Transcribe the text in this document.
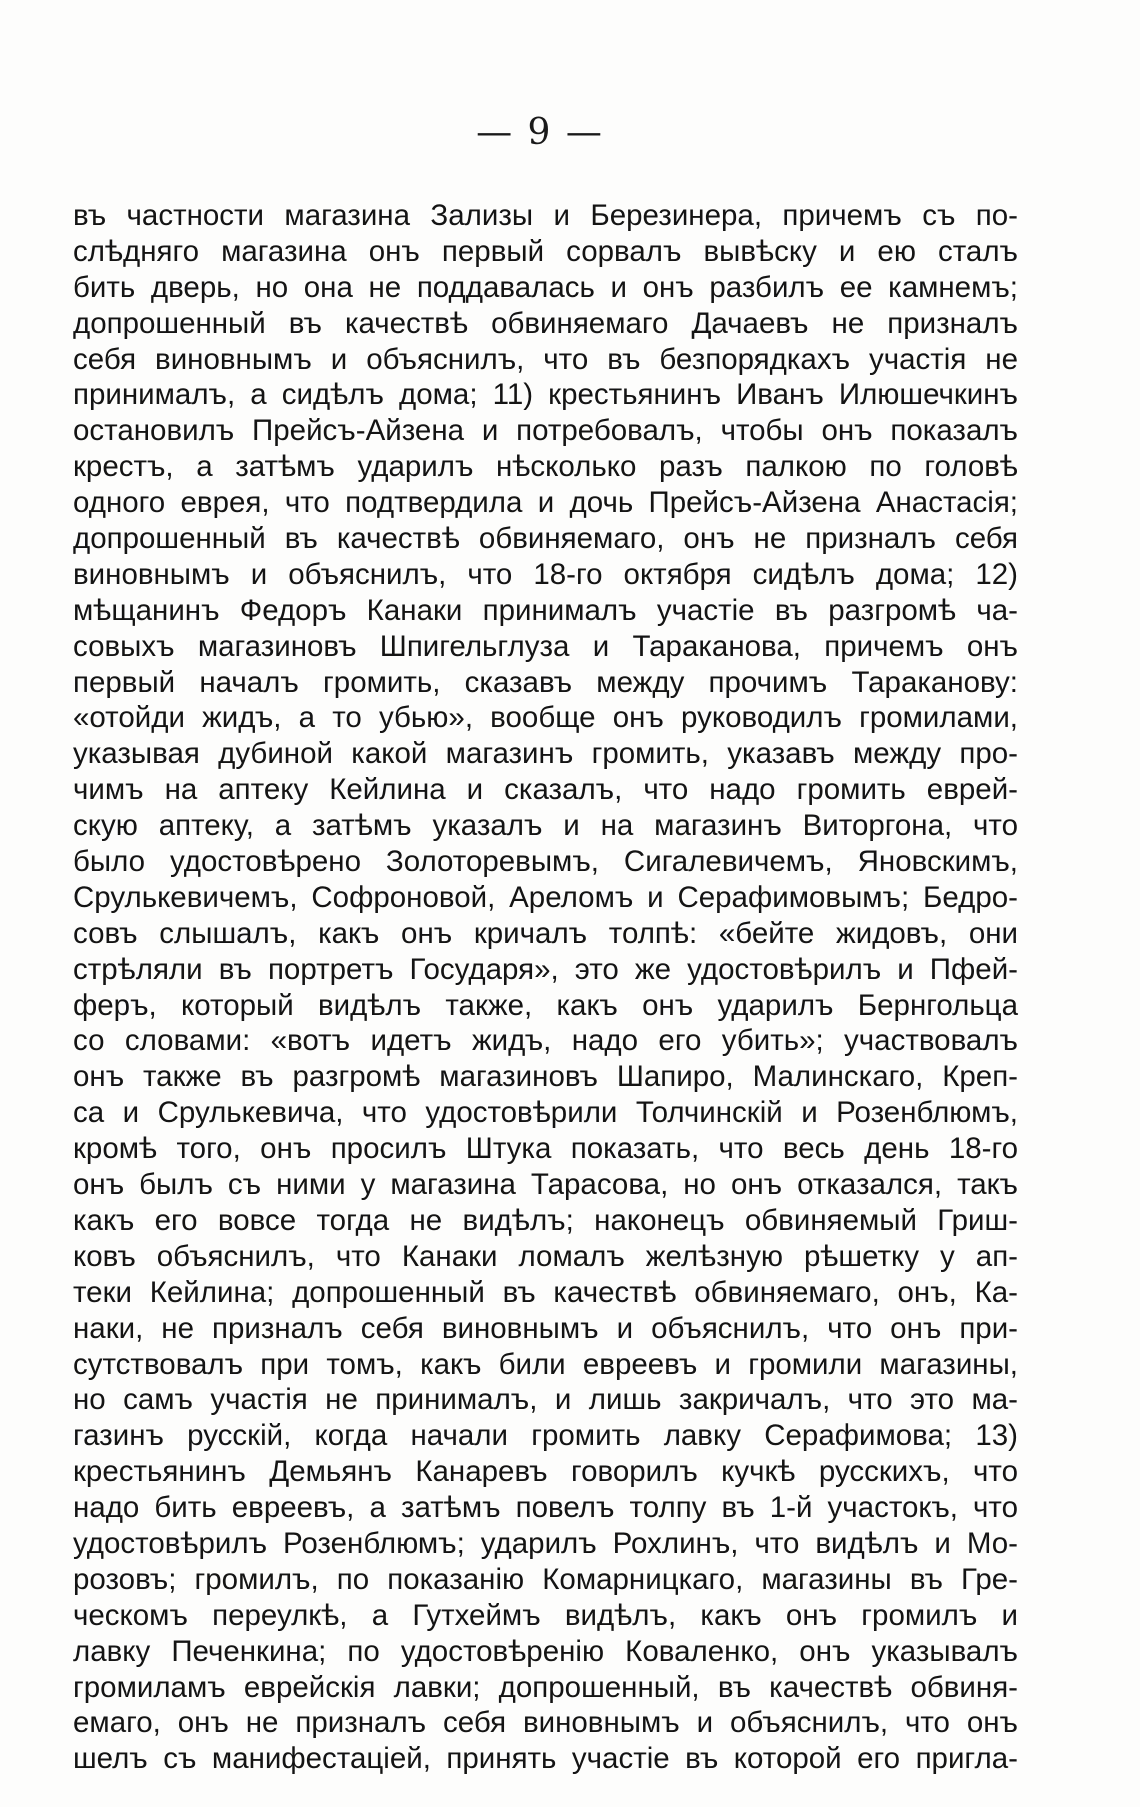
— 9 —
въ частности магазина Зализы и Березинера, причемъ съ по-
слѣдняго магазина онъ первый сорвалъ вывѣску и ею сталъ
бить дверь, но она не поддавалась и онъ разбилъ ее камнемъ;
допрошенный въ качествѣ обвиняемаго Дачаевъ не призналъ
себя виновнымъ и объяснилъ, что въ безпорядкахъ участія не
принималъ, а сидѣлъ дома; 11) крестьянинъ Иванъ Илюшечкинъ
остановилъ Прейсъ-Айзена и потребовалъ, чтобы онъ показалъ
крестъ, а затѣмъ ударилъ нѣсколько разъ палкою по головѣ
одного еврея, что подтвердила и дочь Прейсъ-Айзена Анастасія;
допрошенный въ качествѣ обвиняемаго, онъ не призналъ себя
виновнымъ и объяснилъ, что 18-го октября сидѣлъ дома; 12)
мѣщанинъ Федоръ Канаки принималъ участіе въ разгромѣ ча-
совыхъ магазиновъ Шпигельглуза и Тараканова, причемъ онъ
первый началъ громить, сказавъ между прочимъ Тараканову:
«отойди жидъ, а то убью», вообще онъ руководилъ громилами,
указывая дубиной какой магазинъ громить, указавъ между про-
чимъ на аптеку Кейлина и сказалъ, что надо громить еврей-
скую аптеку, а затѣмъ указалъ и на магазинъ Виторгона, что
было удостовѣрено Золоторевымъ, Сигалевичемъ, Яновскимъ,
Срулькевичемъ, Софроновой, Ареломъ и Серафимовымъ; Бедро-
совъ слышалъ, какъ онъ кричалъ толпѣ: «бейте жидовъ, они
стрѣляли въ портретъ Государя», это же удостовѣрилъ и Пфей-
феръ, который видѣлъ также, какъ онъ ударилъ Бернгольца
со словами: «вотъ идетъ жидъ, надо его убить»; участвовалъ
онъ также въ разгромѣ магазиновъ Шапиро, Малинскаго, Креп-
са и Срулькевича, что удостовѣрили Толчинскій и Розенблюмъ,
кромѣ того, онъ просилъ Штука показать, что весь день 18-го
онъ былъ съ ними у магазина Тарасова, но онъ отказался, такъ
какъ его вовсе тогда не видѣлъ; наконецъ обвиняемый Гриш-
ковъ объяснилъ, что Канаки ломалъ желѣзную рѣшетку у ап-
теки Кейлина; допрошенный въ качествѣ обвиняемаго, онъ, Ка-
наки, не призналъ себя виновнымъ и объяснилъ, что онъ при-
сутствовалъ при томъ, какъ били евреевъ и громили магазины,
но самъ участія не принималъ, и лишь закричалъ, что это ма-
газинъ русскій, когда начали громить лавку Серафимова; 13)
крестьянинъ Демьянъ Канаревъ говорилъ кучкѣ русскихъ, что
надо бить евреевъ, а затѣмъ повелъ толпу въ 1-й участокъ, что
удостовѣрилъ Розенблюмъ; ударилъ Рохлинъ, что видѣлъ и Мо-
розовъ; громилъ, по показанію Комарницкаго, магазины въ Гре-
ческомъ переулкѣ, а Гутхеймъ видѣлъ, какъ онъ громилъ и
лавку Печенкина; по удостовѣренію Коваленко, онъ указывалъ
громиламъ еврейскія лавки; допрошенный, въ качествѣ обвиня-
емаго, онъ не призналъ себя виновнымъ и объяснилъ, что онъ
шелъ съ манифестаціей, принять участіе въ которой его пригла-
